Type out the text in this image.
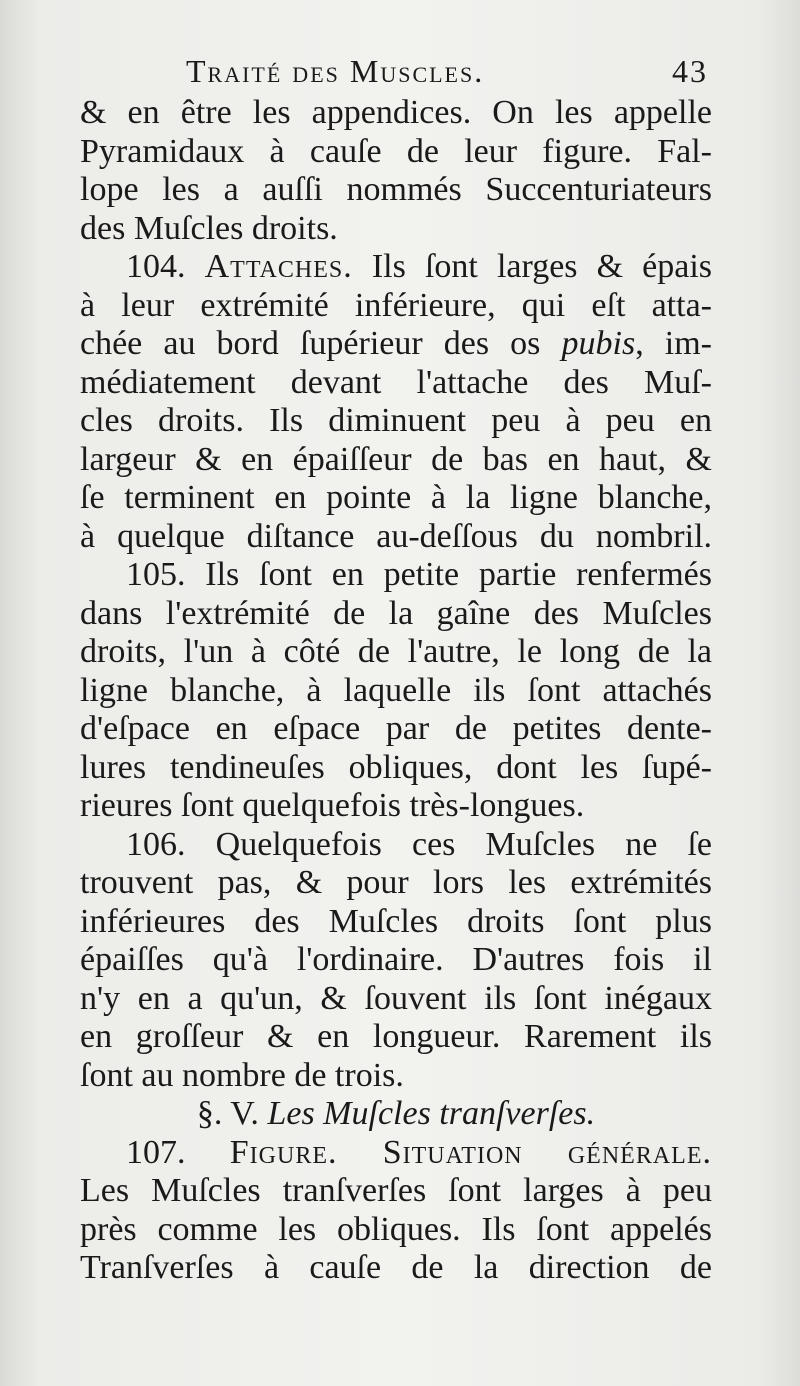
Traité des Muscles.	43
& en être les appendices. On les appelle
Pyramidaux à cauſe de leur figure. Fal-
lope les a auſſi nommés Succenturiateurs
des Muſcles droits.
104. Attaches. Ils ſont larges & épais
à leur extrémité inférieure, qui eſt atta-
chée au bord ſupérieur des os pubis, im-
médiatement devant l'attache des Muſ-
cles droits. Ils diminuent peu à peu en
largeur & en épaiſſeur de bas en haut, &
ſe terminent en pointe à la ligne blanche,
à quelque diſtance au-deſſous du nombril.
105. Ils ſont en petite partie renfermés
dans l'extrémité de la gaîne des Muſcles
droits, l'un à côté de l'autre, le long de la
ligne blanche, à laquelle ils ſont attachés
d'eſpace en eſpace par de petites dente-
lures tendineuſes obliques, dont les ſupé-
rieures ſont quelquefois très-longues.
106. Quelquefois ces Muſcles ne ſe
trouvent pas, & pour lors les extrémités
inférieures des Muſcles droits ſont plus
épaiſſes qu'à l'ordinaire. D'autres fois il
n'y en a qu'un, & ſouvent ils ſont inégaux
en groſſeur & en longueur. Rarement ils
ſont au nombre de trois.
§. V. Les Muſcles tranſverſes.
107. Figure. Situation générale.
Les Muſcles tranſverſes ſont larges à peu
près comme les obliques. Ils ſont appelés
Tranſverſes à cauſe de la direction de
